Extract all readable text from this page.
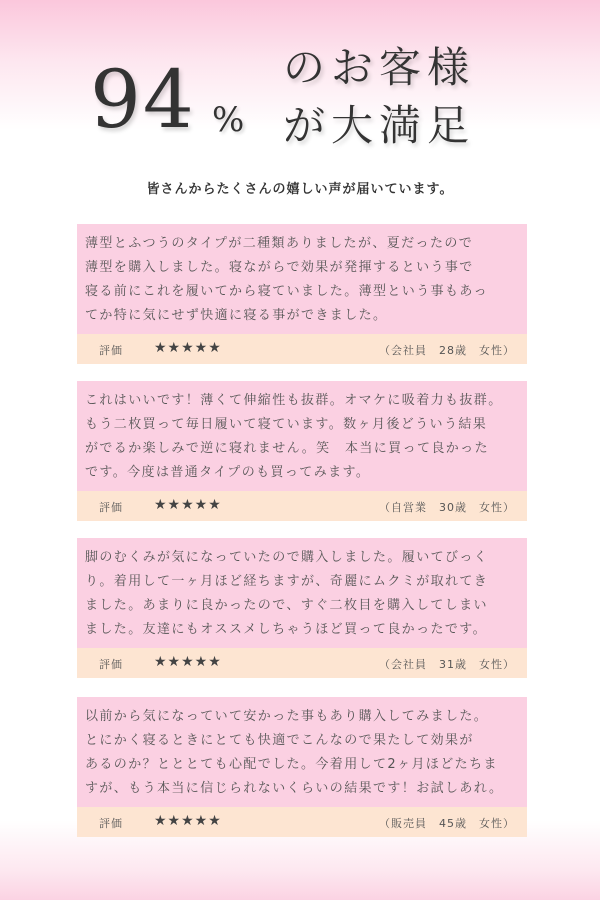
94 %
のお客様
が大満足
皆さんからたくさんの嬉しい声が届いています。
薄型とふつうのタイプが二種類ありましたが、夏だったので
薄型を購入しました。寝ながらで効果が発揮するという事で
寝る前にこれを履いてから寝ていました。薄型という事もあっ
てか特に気にせず快適に寝る事ができました。
評価 ★★★★★	（会社員　28歳　女性）
これはいいです！薄くて伸縮性も抜群。オマケに吸着力も抜群。
もう二枚買って毎日履いて寝ています。数ヶ月後どういう結果
がでるか楽しみで逆に寝れません。笑　本当に買って良かった
です。今度は普通タイプのも買ってみます。
評価 ★★★★★	（自営業　30歳　女性）
脚のむくみが気になっていたので購入しました。履いてびっく
り。着用して一ヶ月ほど経ちますが、奇麗にムクミが取れてき
ました。あまりに良かったので、すぐ二枚目を購入してしまい
ました。友達にもオススメしちゃうほど買って良かったです。
評価 ★★★★★	（会社員　31歳　女性）
以前から気になっていて安かった事もあり購入してみました。
とにかく寝るときにとても快適でこんなので果たして効果が
あるのか？とととても心配でした。今着用して2ヶ月ほどたちま
すが、もう本当に信じられないくらいの結果です！お試しあれ。
評価 ★★★★★	（販売員　45歳　女性）
